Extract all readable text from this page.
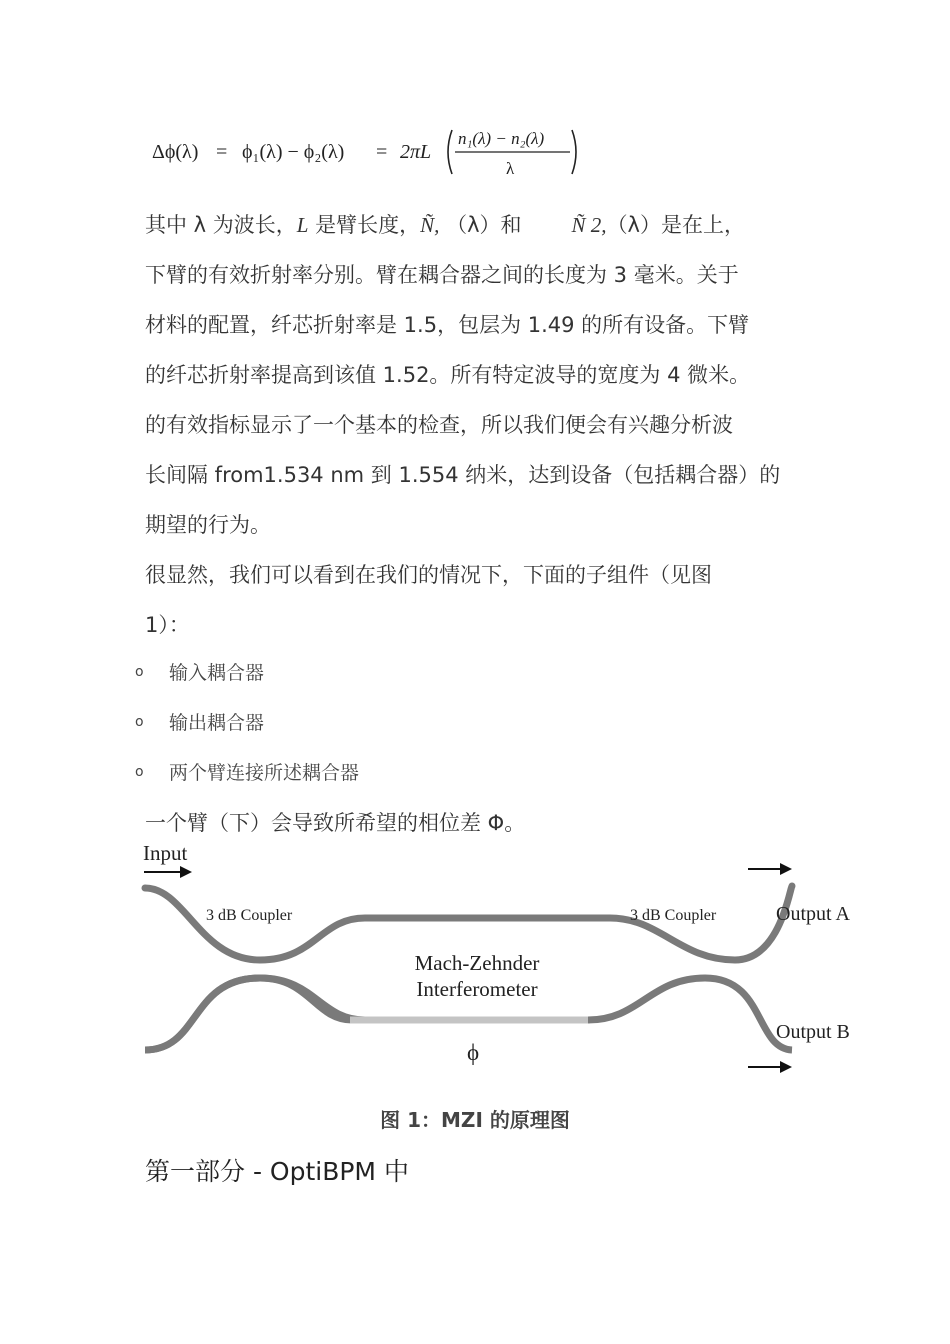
Δϕ(λ) = ϕ₁(λ) − ϕ₂(λ) = 2πL
n₁(λ) − n₂(λ)
λ
其中 λ 为波长，L 是臂长度，Ñ, （λ）和 Ñ 2,（λ）是在上，
下臂的有效折射率分别。臂在耦合器之间的长度为 3 毫米。关于
材料的配置，纤芯折射率是 1.5，包层为 1.49 的所有设备。下臂
的纤芯折射率提高到该值 1.52。所有特定波导的宽度为 4 微米。
的有效指标显示了一个基本的检查，所以我们便会有兴趣分析波
长间隔 from1.534 nm 到 1.554 纳米，达到设备（包括耦合器）的
期望的行为。
很显然，我们可以看到在我们的情况下，下面的子组件（见图
1）：
o 输入耦合器
o 输出耦合器
o 两个臂连接所述耦合器
一个臂（下）会导致所希望的相位差 Φ。
Input
3 dB Coupler	3 dB Coupler
Mach-Zehnder
Interferometer
ϕ
Output A
Output B
图 1：MZI 的原理图
第一部分 - OptiBPM 中
